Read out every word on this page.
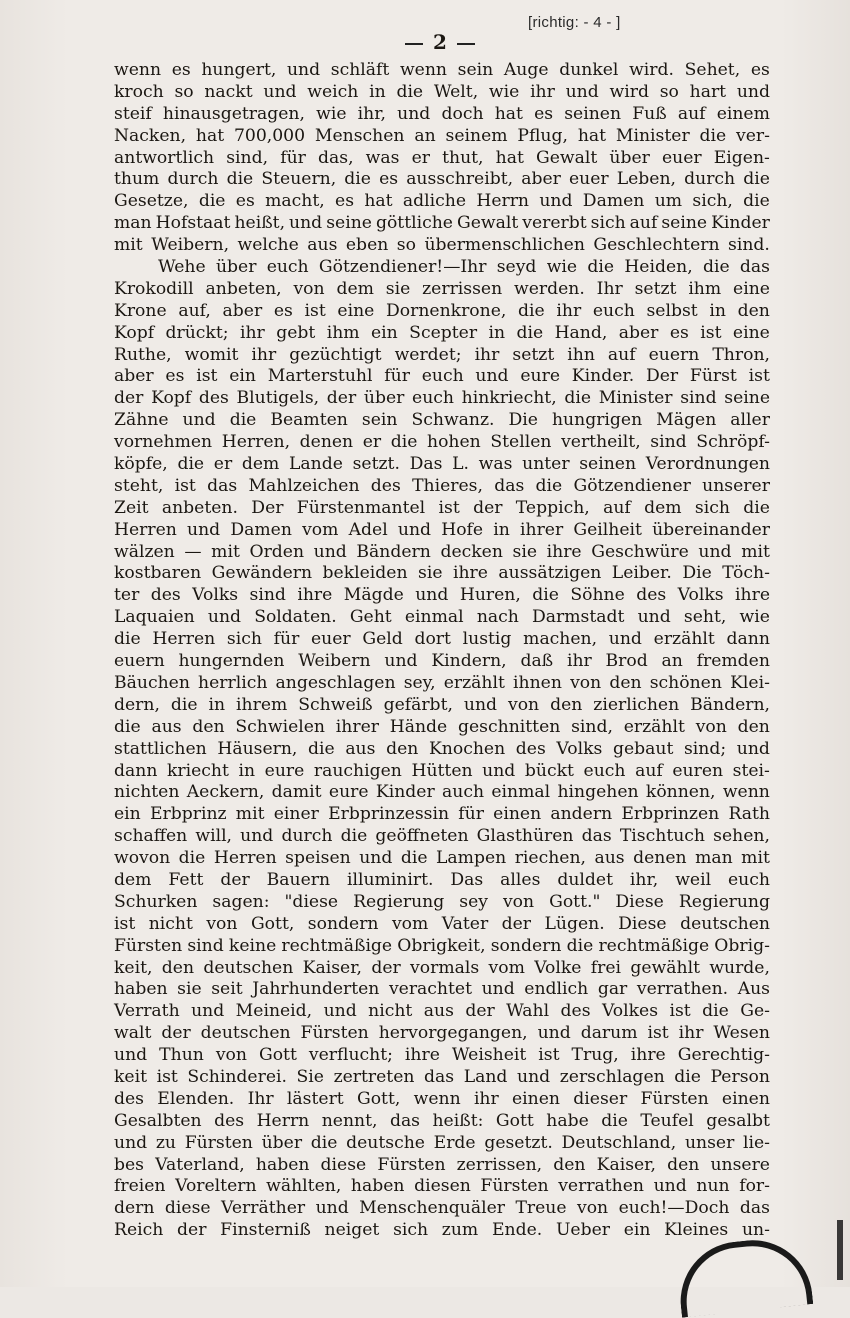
[richtig: - 4 - ]
2
wenn es hungert, und schläft wenn sein Auge dunkel wird. Sehet, es
kroch so nackt und weich in die Welt, wie ihr und wird so hart und
steif hinausgetragen, wie ihr, und doch hat es seinen Fuß auf einem
Nacken, hat 700,000 Menschen an seinem Pflug, hat Minister die ver-
antwortlich sind, für das, was er thut, hat Gewalt über euer Eigen-
thum durch die Steuern, die es ausschreibt, aber euer Leben, durch die
Gesetze, die es macht, es hat adliche Herrn und Damen um sich, die
man Hofstaat heißt, und seine göttliche Gewalt vererbt sich auf seine Kinder
mit Weibern, welche aus eben so übermenschlichen Geschlechtern sind.
Wehe über euch Götzendiener!—Ihr seyd wie die Heiden, die das
Krokodill anbeten, von dem sie zerrissen werden. Ihr setzt ihm eine
Krone auf, aber es ist eine Dornenkrone, die ihr euch selbst in den
Kopf drückt; ihr gebt ihm ein Scepter in die Hand, aber es ist eine
Ruthe, womit ihr gezüchtigt werdet; ihr setzt ihn auf euern Thron,
aber es ist ein Marterstuhl für euch und eure Kinder. Der Fürst ist
der Kopf des Blutigels, der über euch hinkriecht, die Minister sind seine
Zähne und die Beamten sein Schwanz. Die hungrigen Mägen aller
vornehmen Herren, denen er die hohen Stellen vertheilt, sind Schröpf-
köpfe, die er dem Lande setzt. Das L. was unter seinen Verordnungen
steht, ist das Mahlzeichen des Thieres, das die Götzendiener unserer
Zeit anbeten. Der Fürstenmantel ist der Teppich, auf dem sich die
Herren und Damen vom Adel und Hofe in ihrer Geilheit übereinander
wälzen — mit Orden und Bändern decken sie ihre Geschwüre und mit
kostbaren Gewändern bekleiden sie ihre aussätzigen Leiber. Die Töch-
ter des Volks sind ihre Mägde und Huren, die Söhne des Volks ihre
Laquaien und Soldaten. Geht einmal nach Darmstadt und seht, wie
die Herren sich für euer Geld dort lustig machen, und erzählt dann
euern hungernden Weibern und Kindern, daß ihr Brod an fremden
Bäuchen herrlich angeschlagen sey, erzählt ihnen von den schönen Klei-
dern, die in ihrem Schweiß gefärbt, und von den zierlichen Bändern,
die aus den Schwielen ihrer Hände geschnitten sind, erzählt von den
stattlichen Häusern, die aus den Knochen des Volks gebaut sind; und
dann kriecht in eure rauchigen Hütten und bückt euch auf euren stei-
nichten Aeckern, damit eure Kinder auch einmal hingehen können, wenn
ein Erbprinz mit einer Erbprinzessin für einen andern Erbprinzen Rath
schaffen will, und durch die geöffneten Glasthüren das Tischtuch sehen,
wovon die Herren speisen und die Lampen riechen, aus denen man mit
dem Fett der Bauern illuminirt. Das alles duldet ihr, weil euch
Schurken sagen: "diese Regierung sey von Gott." Diese Regierung
ist nicht von Gott, sondern vom Vater der Lügen. Diese deutschen
Fürsten sind keine rechtmäßige Obrigkeit, sondern die rechtmäßige Obrig-
keit, den deutschen Kaiser, der vormals vom Volke frei gewählt wurde,
haben sie seit Jahrhunderten verachtet und endlich gar verrathen. Aus
Verrath und Meineid, und nicht aus der Wahl des Volkes ist die Ge-
walt der deutschen Fürsten hervorgegangen, und darum ist ihr Wesen
und Thun von Gott verflucht; ihre Weisheit ist Trug, ihre Gerechtig-
keit ist Schinderei. Sie zertreten das Land und zerschlagen die Person
des Elenden. Ihr lästert Gott, wenn ihr einen dieser Fürsten einen
Gesalbten des Herrn nennt, das heißt: Gott habe die Teufel gesalbt
und zu Fürsten über die deutsche Erde gesetzt. Deutschland, unser lie-
bes Vaterland, haben diese Fürsten zerrissen, den Kaiser, den unsere
freien Voreltern wählten, haben diesen Fürsten verrathen und nun for-
dern diese Verräther und Menschenquäler Treue von euch!—Doch das
Reich der Finsterniß neiget sich zum Ende. Ueber ein Kleines un-
